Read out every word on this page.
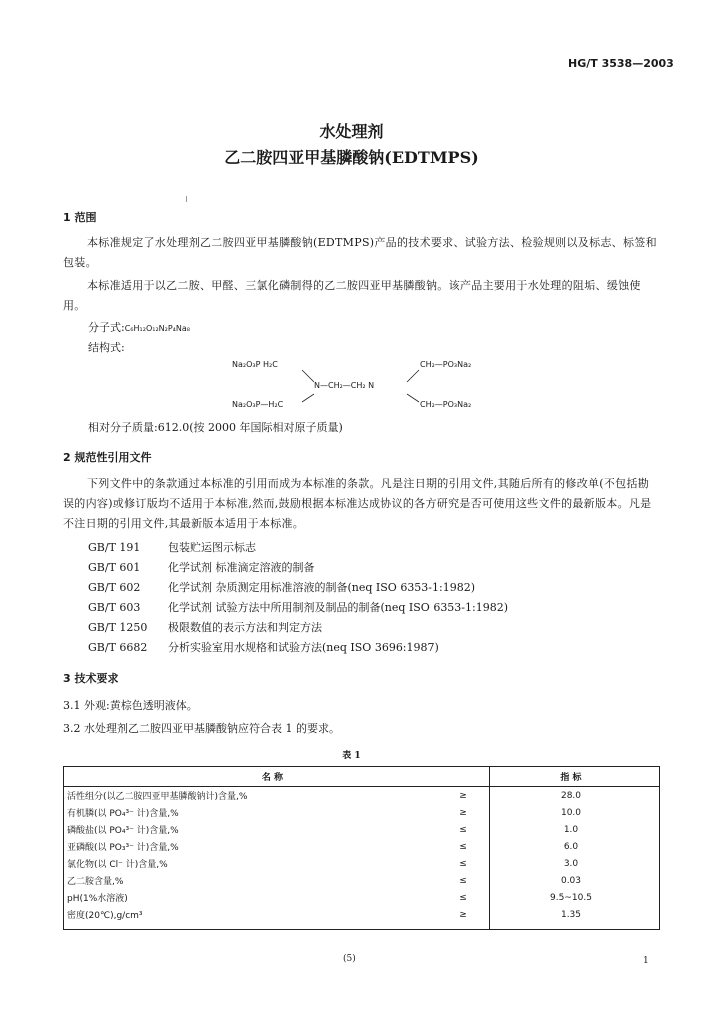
HG/T 3538—2003
水处理剂
乙二胺四亚甲基膦酸钠(EDTMPS)
1 范围
本标准规定了水处理剂乙二胺四亚甲基膦酸钠(EDTMPS)产品的技术要求、试验方法、检验规则以及标志、标签和包装。
本标准适用于以乙二胺、甲醛、三氯化磷制得的乙二胺四亚甲基膦酸钠。该产品主要用于水处理的阻垢、缓蚀使用。
分子式:C₆H₁₂O₁₂N₂P₄Na₈
结构式:
Na₂O₃P H₂C
N—CH₂—CH₂ N
CH₂—PO₃Na₂
Na₂O₃P—H₂C	CH₂—PO₃Na₂
相对分子质量:612.0(按 2000 年国际相对原子质量)
2 规范性引用文件
下列文件中的条款通过本标准的引用而成为本标准的条款。凡是注日期的引用文件,其随后所有的修改单(不包括勘误的内容)或修订版均不适用于本标准,然而,鼓励根据本标准达成协议的各方研究是否可使用这些文件的最新版本。凡是不注日期的引用文件,其最新版本适用于本标准。
GB/T 191	包装贮运图示标志
GB/T 601	化学试剂 标准滴定溶液的制备
GB/T 602	化学试剂 杂质测定用标准溶液的制备(neq ISO 6353-1:1982)
GB/T 603	化学试剂 试验方法中所用制剂及制品的制备(neq ISO 6353-1:1982)
GB/T 1250 极限数值的表示方法和判定方法
GB/T 6682 分析实验室用水规格和试验方法(neq ISO 3696:1987)
3 技术要求
3.1 外观:黄棕色透明液体。
3.2 水处理剂乙二胺四亚甲基膦酸钠应符合表 1 的要求。
表 1
名 称		指 标
活性组分(以乙二胺四亚甲基膦酸钠计)含量,%	≥	28.0
有机膦(以 PO₄³⁻ 计)含量,%	≥	10.0
磷酸盐(以 PO₄³⁻ 计)含量,%	≤	1.0
亚磷酸(以 PO₃³⁻ 计)含量,%	≤	6.0
氯化物(以 Cl⁻ 计)含量,%	≤	3.0
乙二胺含量,%	≤	0.03
pH(1%水溶液)	≤	9.5~10.5
密度(20℃),g/cm³	≥	1.35
(5)	1
